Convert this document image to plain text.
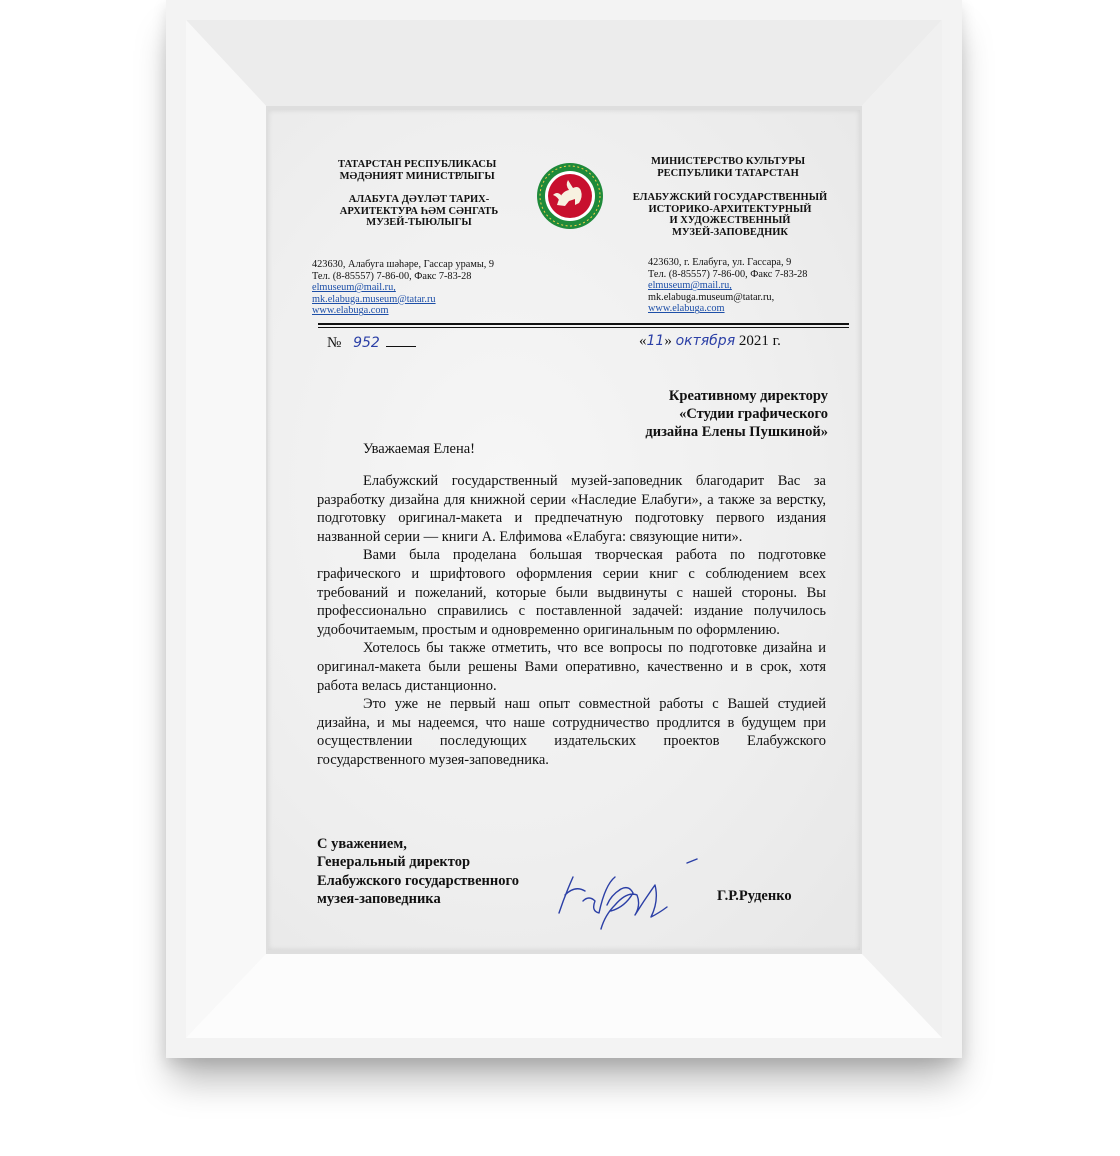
ТАТАРСТАН РЕСПУБЛИКАСЫ
МӘДӘНИЯТ МИНИСТРЛЫГЫ
АЛАБУГА ДӘҮЛӘТ ТАРИХ-
АРХИТЕКТУРА ҺӘМ СӘНГАТЬ
МУЗЕЙ-ТЫЮЛЫГЫ
423630, Алабуга шәһәре, Гассар урамы, 9
Тел. (8-85557) 7-86-00, Факс 7-83-28
elmuseum@mail.ru,
mk.elabuga.museum@tatar.ru
www.elabuga.com
МИНИСТЕРСТВО КУЛЬТУРЫ
РЕСПУБЛИКИ ТАТАРСТАН
ЕЛАБУЖСКИЙ ГОСУДАРСТВЕННЫЙ
ИСТОРИКО-АРХИТЕКТУРНЫЙ
И ХУДОЖЕСТВЕННЫЙ
МУЗЕЙ-ЗАПОВЕДНИК
423630, г. Елабуга, ул. Гассара, 9
Тел. (8-85557) 7-86-00, Факс 7-83-28
elmuseum@mail.ru,
mk.elabuga.museum@tatar.ru,
www.elabuga.com
№ 952	«11» октября 2021 г.
Креативному директору
«Студии графического
дизайна Елены Пушкиной»
Уважаемая Елена!

Елабужский государственный музей-заповедник благодарит Вас за разработку дизайна для книжной серии «Наследие Елабуги», а также за верстку, подготовку оригинал-макета и предпечатную подготовку первого издания названной серии — книги А. Елфимова «Елабуга: связующие нити».

Вами была проделана большая творческая работа по подготовке графического и шрифтового оформления серии книг с соблюдением всех требований и пожеланий, которые были выдвинуты с нашей стороны. Вы профессионально справились с поставленной задачей: издание получилось удобочитаемым, простым и одновременно оригинальным по оформлению.

Хотелось бы также отметить, что все вопросы по подготовке дизайна и оригинал-макета были решены Вами оперативно, качественно и в срок, хотя работа велась дистанционно.

Это уже не первый наш опыт совместной работы с Вашей студией дизайна, и мы надеемся, что наше сотрудничество продлится в будущем при осуществлении последующих издательских проектов Елабужского государственного музея-заповедника.

С уважением,
Генеральный директор
Елабужского государственного
музея-заповедника	Г.Р.Руденко
